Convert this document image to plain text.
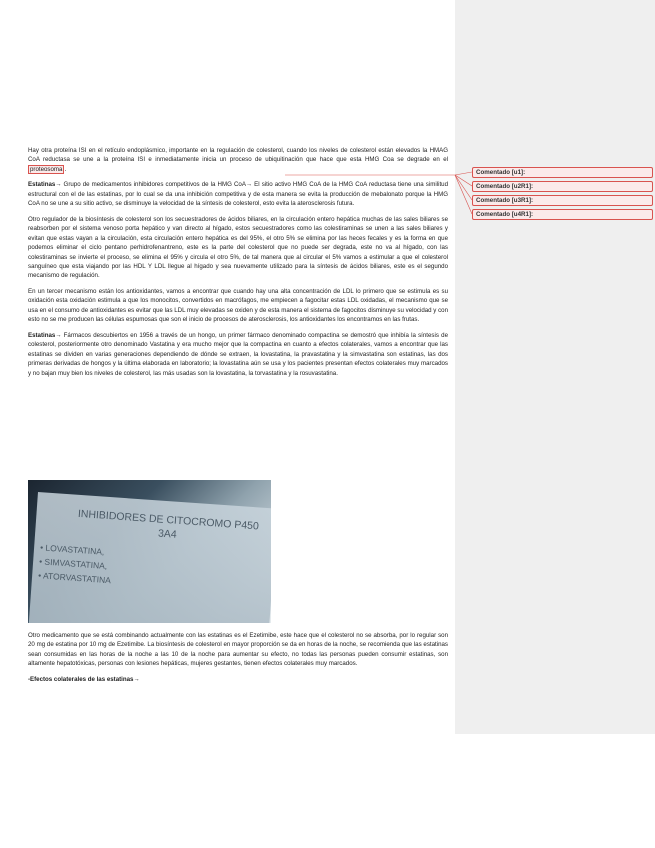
Comentado [u1]:
Comentado [u2R1]:
Comentado [u3R1]:
Comentado [u4R1]:

Hay otra proteína ISI en el retículo endoplásmico, importante en la regulación de colesterol, cuando los niveles de colesterol están elevados la HMAG CoA reductasa se une a la proteína ISI e inmediatamente inicia un proceso de ubiquitinación que hace que esta HMG Coa se degrade en el proteosoma .

Estatinas→ Grupo de medicamentos inhibidores competitivos de la HMG CoA→ El sitio activo HMG CoA de la HMG CoA reductasa tiene una similitud estructural con el de las estatinas, por lo cual se da una inhibición competitiva y de esta manera se evita la producción de mebalonato porque la HMG CoA no se une a su sitio activo, se disminuye la velocidad de la síntesis de colesterol, esto evita la aterosclerosis futura.

Otro regulador de la biosíntesis de colesterol son los secuestradores de ácidos biliares, en la circulación entero hepática muchas de las sales biliares se reabsorben por el sistema venoso porta hepático y van directo al hígado, estos secuestradores como las colestiraminas se unen a las sales biliares y evitan que estas vayan a la circulación, esta circulación entero hepática es del 95%, el otro 5% se elimina por las heces fecales y es la forma en que podemos eliminar el ciclo pentano perhidrofenantreno, este es la parte del colesterol que no puede ser degrada, este no va al hígado, con las colestiraminas se invierte el proceso, se elimina el 95% y circula el otro 5%, de tal manera que al circular el 5% vamos a estimular a que el colesterol sanguíneo que esta viajando por las HDL Y LDL llegue al hígado y sea nuevamente utilizado para la síntesis de ácidos biliares, este es el segundo mecanismo de regulación.

En un tercer mecanismo están los antioxidantes, vamos a encontrar que cuando hay una alta concentración de LDL lo primero que se estimula es su oxidación esta oxidación estimula a que los monocitos, convertidos en macrófagos, me empiecen a fagocitar estas LDL oxidadas, el mecanismo que se usa en el consumo de antioxidantes es evitar que las LDL muy elevadas se oxiden y de esta manera el sistema de fagocitos disminuye su velocidad y con esto no se me producen las células espumosas que son el inicio de procesos de aterosclerosis, los antioxidantes los encontramos en las frutas.

Estatinas→ Fármacos descubiertos en 1956 a través de un hongo, un primer fármaco denominado compactina se demostró que inhibía la síntesis de colesterol, posteriormente otro denominado Vastatina y era mucho mejor que la compactina en cuanto a efectos colaterales, vamos a encontrar que las estatinas se dividen en varias generaciones dependiendo de dónde se extraen, la lovastatina, la pravastatina y la simvastatina son estatinas, las dos primeras derivadas de hongos y la última elaborada en laboratorio; la lovastatina aún se usa y los pacientes presentan efectos colaterales muy marcados y no bajan muy bien los niveles de colesterol, las más usadas son la lovastatina, la torvastatina y la rosuvastatina.

INHIBIDORES DE CITOCROMO P450 3A4
• LOVASTATINA,
• SIMVASTATINA,
• ATORVASTATINA

Otro medicamento que se está combinando actualmente con las estatinas es el Ezetimibe, este hace que el colesterol no se absorba, por lo regular son 20 mg de estatina por 10 mg de Ezetimibe. La biosíntesis de colesterol en mayor proporción se da en horas de la noche, se recomienda que las estatinas sean consumidas en las horas de la noche a las 10 de la noche para aumentar su efecto, no todas las personas pueden consumir estatinas, son altamente hepatotóxicas, personas con lesiones hepáticas, mujeres gestantes, tienen efectos colaterales muy marcados.

-Efectos colaterales de las estatinas→
